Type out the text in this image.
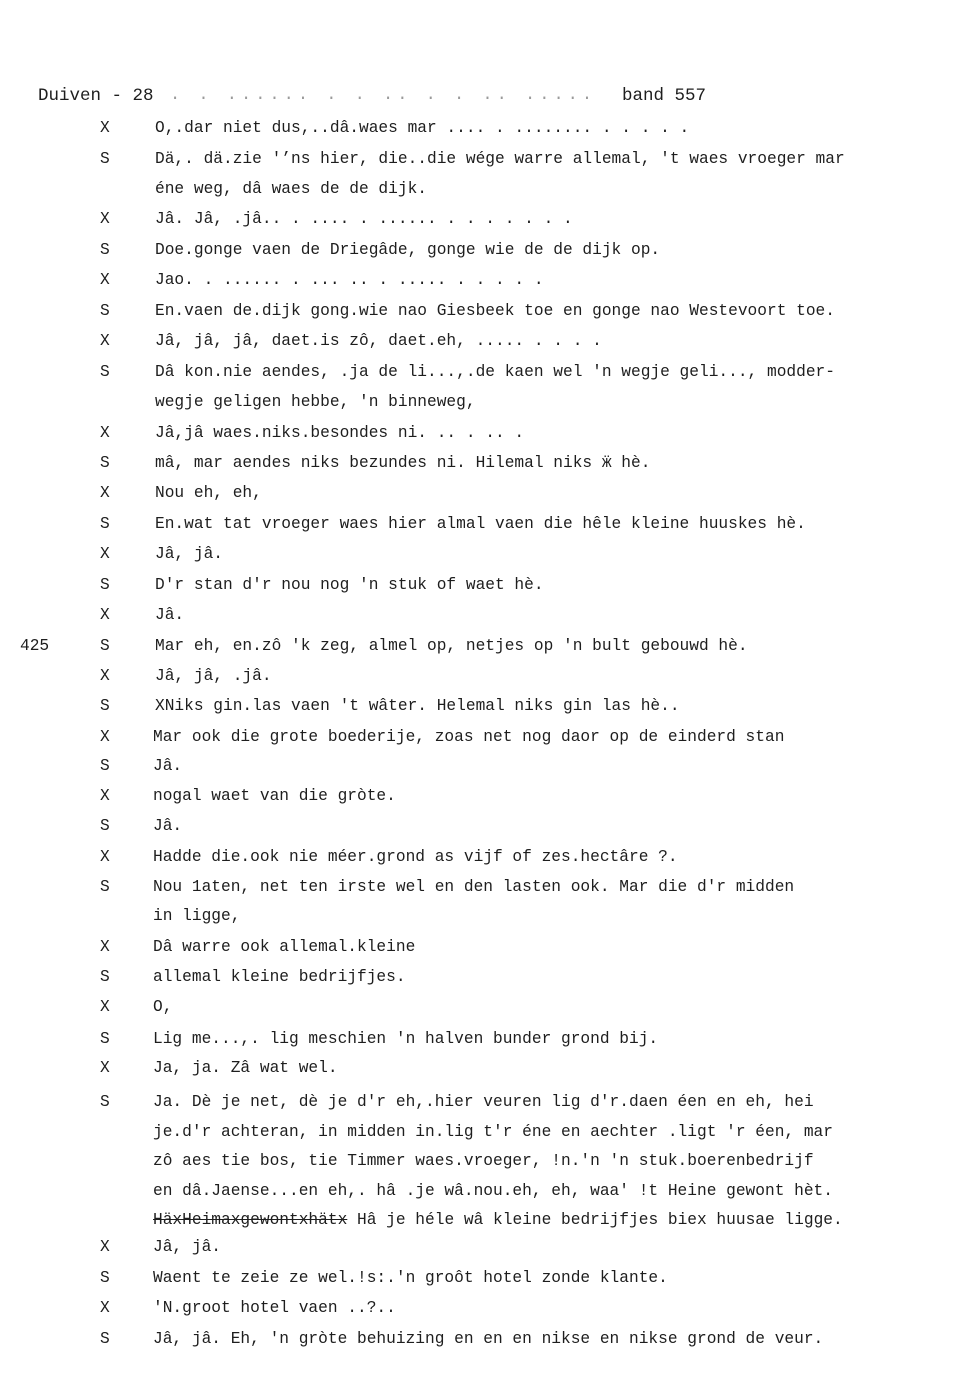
Duiven - 28 . . ...... . . .. . . .. ..... band 557
X	O,.dar niet dus,..dâ.waes mar .... . ........ . . . . .
S	Dä,. dä.zie '’ns hier, die..die wége warre allemal, 't waes vroeger mar
éne weg, dâ waes de de dijk.
X	Jâ. Jâ, .jâ.. . .... . ...... . . . . . . .
S	Doe.gonge vaen de Driegâde, gonge wie de de dijk op.
X	Jao. . ...... . ... .. . ..... . . . . .
S	En.vaen de.dijk gong.wie nao Giesbeek toe en gonge nao Westevoort toe.
X	Jâ, jâ, jâ, daet.is zô, daet.eh, ..... . . . .
S	Dâ kon.nie aendes, .ja de li...,.de kaen wel 'n wegje geli..., modder-
wegje geligen hebbe, 'n binneweg,
X	Jâ,jâ waes.niks.besondes ni. .. . .. .
S	mâ, mar aendes niks bezundes ni. Hilemal niks ӝ hè.
X	Nou eh, eh,
S	En.wat tat vroeger waes hier almal vaen die hêle kleine huuskes hè.
X	Jâ, jâ.
S	D'r stan d'r nou nog 'n stuk of waet hè.
X	Jâ.
425	S	Mar eh, en.zô 'k zeg, almel op, netjes op 'n bult gebouwd hè.
X	Jâ, jâ, .jâ.
S	XNiks gin.las vaen 't wâter. Helemal niks gin las hè..
X	Mar ook die grote boederije, zoas net nog daor op de einderd stan
S	Jâ.
X	nogal waet van die gròte.
S	Jâ.
X	Hadde die.ook nie méer.grond as vijf of zes.hectâre ?.
S	Nou 1aten, net ten irste wel en den lasten ook. Mar die d'r midden
in ligge,
X	Dâ warre ook allemal.kleine
S	allemal kleine bedrijfjes.
X	O,
S	Lig me...,. lig meschien 'n halven bunder grond bij.
X	Ja, ja. Zâ wat wel.
S	Ja. Dè je net, dè je d'r eh,.hier veuren lig d'r.daen éen en eh, hei
je.d'r achteran, in midden in.lig t'r éne en aechter .ligt 'r éen, mar
zô aes tie bos, tie Timmer waes.vroeger, !n.'n 'n stuk.boerenbedrijf
en dâ.Jaense...en eh,. hâ .je wâ.nou.eh, eh, waa' !t Heine gewont hèt.
HäxHeimaxgewontxhätx Hâ je héle wâ kleine bedrijfjes biex huusae ligge.
X	Jâ, jâ.
S	Waent te zeie ze wel.!s:.'n groôt hotel zonde klante.
X	'N.groot hotel vaen ..?..
S	Jâ, jâ. Eh, 'n gròte behuizing en en en nikse en nikse grond de veur.
